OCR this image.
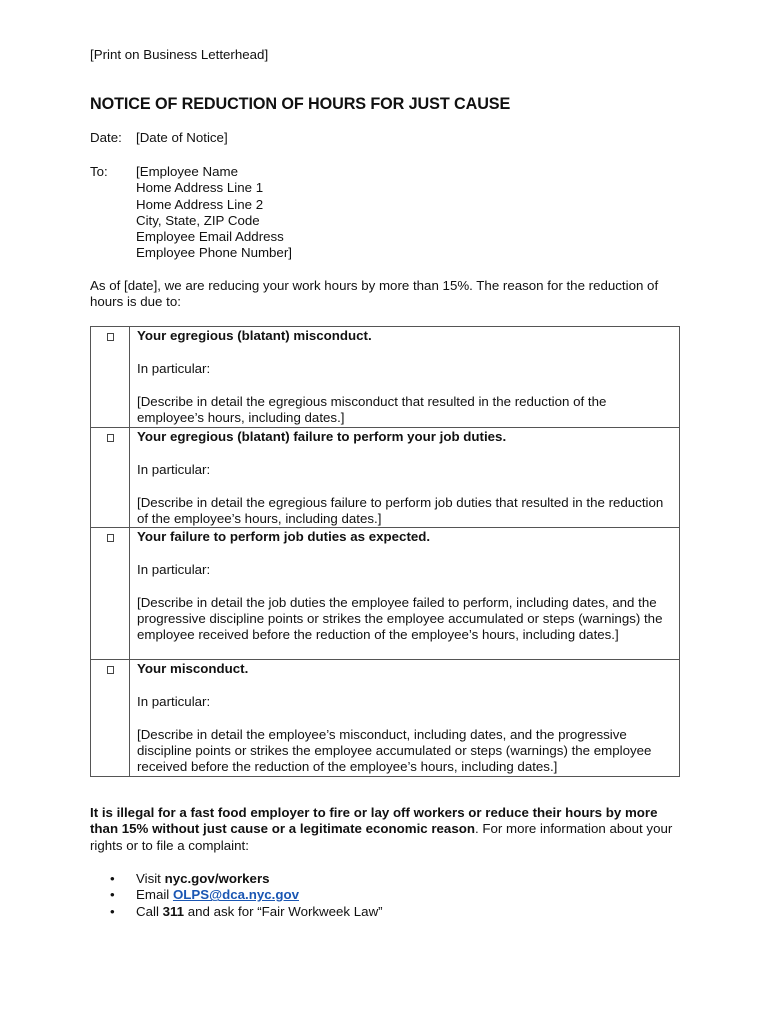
[Print on Business Letterhead]
NOTICE OF REDUCTION OF HOURS FOR JUST CAUSE
Date: [Date of Notice]
To: [Employee Name
Home Address Line 1
Home Address Line 2
City, State, ZIP Code
Employee Email Address
Employee Phone Number]
As of [date], we are reducing your work hours by more than 15%. The reason for the reduction of hours is due to:

	Your egregious (blatant) misconduct.
In particular:
[Describe in detail the egregious misconduct that resulted in the reduction of the employee’s hours, including dates.]

	Your egregious (blatant) failure to perform your job duties.
In particular:
[Describe in detail the egregious failure to perform job duties that resulted in the reduction of the employee’s hours, including dates.]

	Your failure to perform job duties as expected.
In particular:
[Describe in detail the job duties the employee failed to perform, including dates, and the progressive discipline points or strikes the employee accumulated or steps (warnings) the employee received before the reduction of the employee’s hours, including dates.]

	Your misconduct.
In particular:
[Describe in detail the employee’s misconduct, including dates, and the progressive discipline points or strikes the employee accumulated or steps (warnings) the employee received before the reduction of the employee’s hours, including dates.]
It is illegal for a fast food employer to fire or lay off workers or reduce their hours by more than 15% without just cause or a legitimate economic reason. For more information about your rights or to file a complaint:
• Visit nyc.gov/workers
• Email OLPS@dca.nyc.gov
• Call 311 and ask for “Fair Workweek Law”
